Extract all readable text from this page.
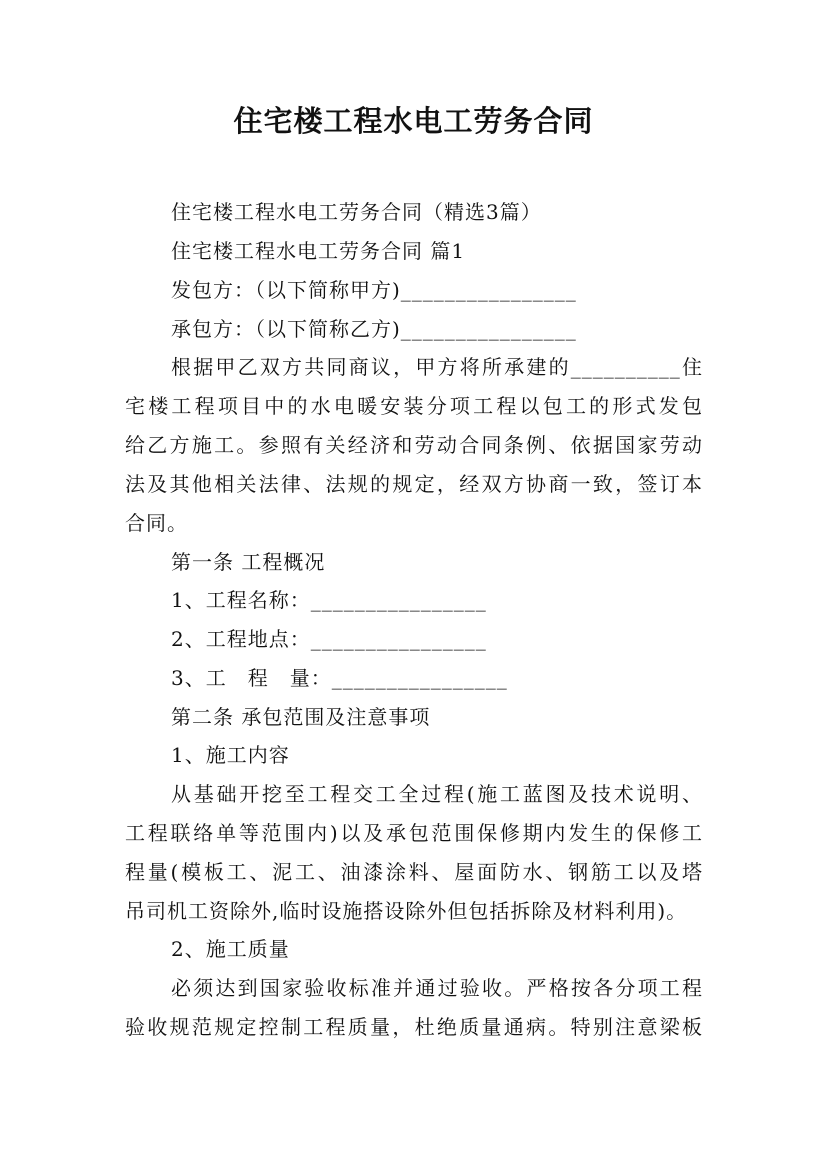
住宅楼工程水电工劳务合同
住宅楼工程水电工劳务合同（精选3篇）
住宅楼工程水电工劳务合同 篇1
发包方：（以下简称甲方)________________
承包方：（以下简称乙方)________________
根据甲乙双方共同商议，甲方将所承建的__________住
宅楼工程项目中的水电暖安装分项工程以包工的形式发包
给乙方施工。参照有关经济和劳动合同条例、依据国家劳动
法及其他相关法律、法规的规定，经双方协商一致，签订本
合同。
第一条 工程概况
1、工程名称：________________
2、工程地点：________________
3、工　程　量：________________
第二条 承包范围及注意事项
1、施工内容
从基础开挖至工程交工全过程(施工蓝图及技术说明、
工程联络单等范围内)以及承包范围保修期内发生的保修工
程量(模板工、泥工、油漆涂料、屋面防水、钢筋工以及塔
吊司机工资除外,临时设施搭设除外但包括拆除及材料利用)。
2、施工质量
必须达到国家验收标准并通过验收。严格按各分项工程
验收规范规定控制工程质量，杜绝质量通病。特别注意梁板
